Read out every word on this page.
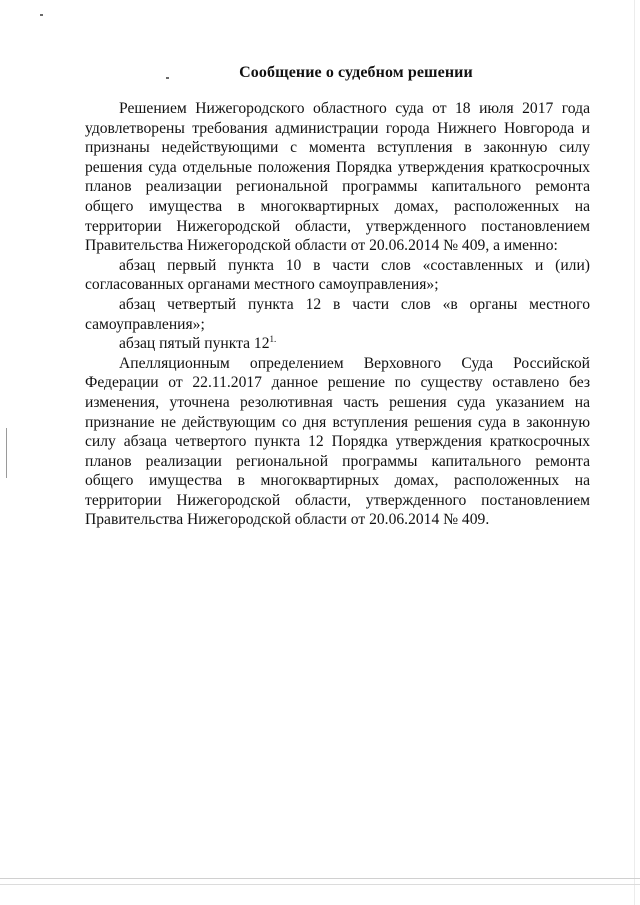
Сообщение о судебном решении

Решением Нижегородского областного суда от 18 июля 2017 года удовлетворены требования администрации города Нижнего Новгорода и признаны недействующими с момента вступления в законную силу решения суда отдельные положения Порядка утверждения краткосрочных планов реализации региональной программы капитального ремонта общего имущества в многоквартирных домах, расположенных на территории Нижегородской области, утвержденного постановлением Правительства Нижегородской области от 20.06.2014 № 409, а именно:

абзац первый пункта 10 в части слов «составленных и (или) согласованных органами местного самоуправления»;

абзац четвертый пункта 12 в части слов «в органы местного самоуправления»;

абзац пятый пункта $12^{1.}$

Апелляционным определением Верховного Суда Российской Федерации от 22.11.2017 данное решение по существу оставлено без изменения, уточнена резолютивная часть решения суда указанием на признание не действующим со дня вступления решения суда в законную силу абзаца четвертого пункта 12 Порядка утверждения краткосрочных планов реализации региональной программы капитального ремонта общего имущества в многоквартирных домах, расположенных на территории Нижегородской области, утвержденного постановлением Правительства Нижегородской области от 20.06.2014 № 409.
